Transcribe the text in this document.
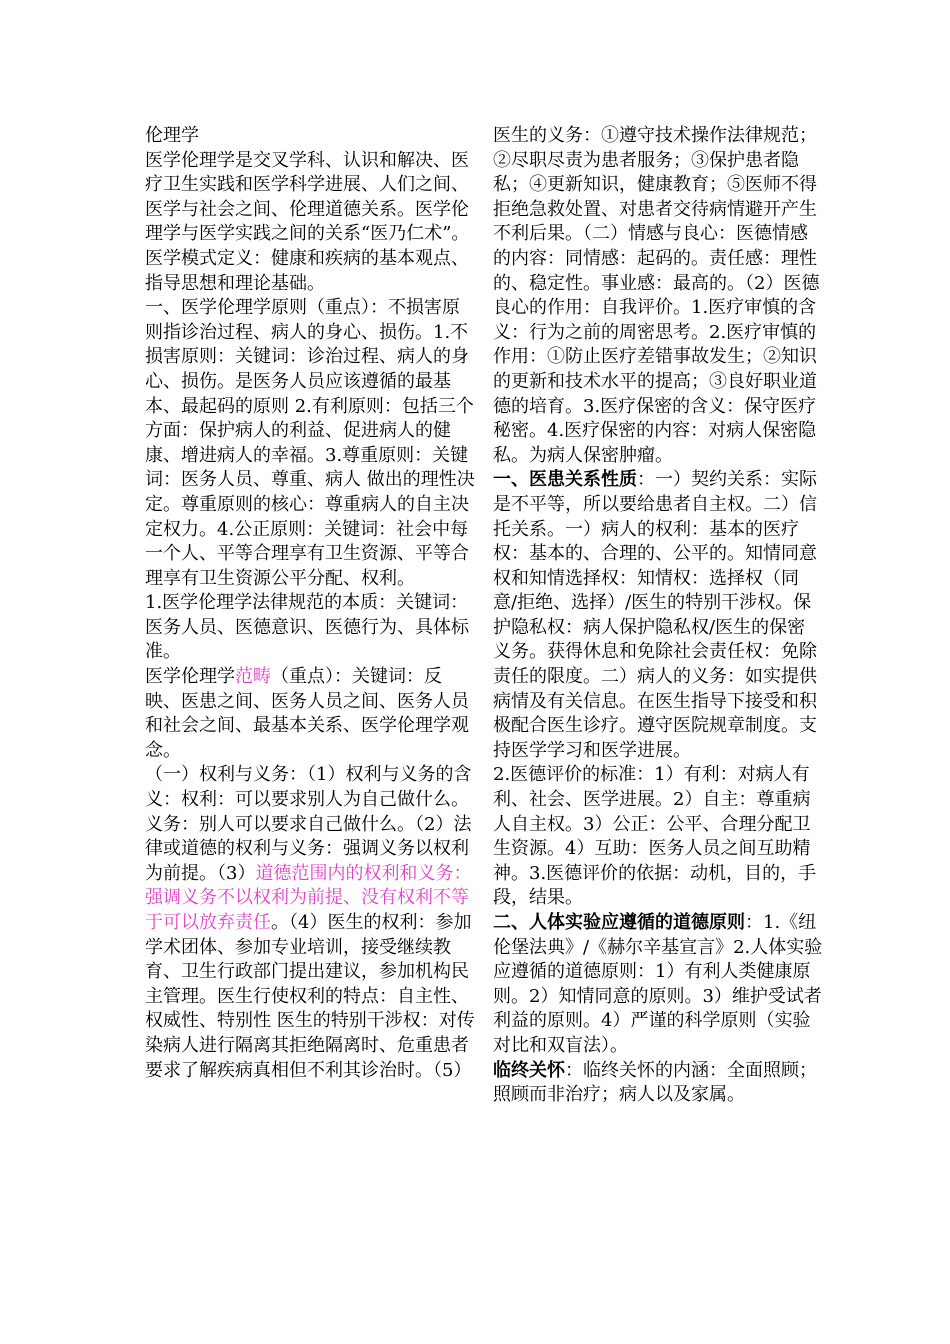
伦理学

医学伦理学是交叉学科、认识和解决、医疗卫生实践和医学科学进展、人们之间、医学与社会之间、伦理道德关系。医学伦理学与医学实践之间的关系“医乃仁术”。医学模式定义：健康和疾病的基本观点、指导思想和理论基础。

一、医学伦理学原则（重点）：不损害原则指诊治过程、病人的身心、损伤。1.不损害原则：关键词：诊治过程、病人的身心、损伤。是医务人员应该遵循的最基本、最起码的原则 2.有利原则：包括三个方面：保护病人的利益、促进病人的健康、增进病人的幸福。3.尊重原则：关键词：医务人员、尊重、病人 做出的理性决定。尊重原则的核心：尊重病人的自主决定权力。4.公正原则：关键词：社会中每一个人、平等合理享有卫生资源、平等合理享有卫生资源公平分配、权利。

1.医学伦理学法律规范的本质：关键词：医务人员、医德意识、医德行为、具体标准。

医学伦理学范畴（重点）：关键词：反映、医患之间、医务人员之间、医务人员和社会之间、最基本关系、医学伦理学观念。

（一）权利与义务：（1）权利与义务的含义：权利：可以要求别人为自己做什么。义务：别人可以要求自己做什么。（2）法律或道德的权利与义务：强调义务以权利为前提。（3）道德范围内的权利和义务：强调义务不以权利为前提、没有权利不等于可以放弃责任。（4）医生的权利：参加学术团体、参加专业培训，接受继续教育、卫生行政部门提出建议，参加机构民主管理。医生行使权利的特点：自主性、权威性、特别性 医生的特别干涉权：对传染病人进行隔离其拒绝隔离时、危重患者要求了解疾病真相但不利其诊治时。（5）

医生的义务：①遵守技术操作法律规范；②尽职尽责为患者服务；③保护患者隐私；④更新知识，健康教育；⑤医师不得拒绝急救处置、对患者交待病情避开产生不利后果。（二）情感与良心：医德情感的内容：同情感：起码的。责任感：理性的、稳定性。事业感：最高的。（2）医德良心的作用：自我评价。1.医疗审慎的含义：行为之前的周密思考。2.医疗审慎的作用：①防止医疗差错事故发生；②知识的更新和技术水平的提高；③良好职业道德的培育。3.医疗保密的含义：保守医疗秘密。4.医疗保密的内容：对病人保密隐私。为病人保密肿瘤。

一、医患关系性质：一）契约关系：实际是不平等，所以要给患者自主权。二）信托关系。一）病人的权利：基本的医疗权：基本的、合理的、公平的。知情同意权和知情选择权：知情权：选择权（同意/拒绝、选择）/医生的特别干涉权。保护隐私权：病人保护隐私权/医生的保密义务。获得休息和免除社会责任权：免除责任的限度。二）病人的义务：如实提供病情及有关信息。在医生指导下接受和积极配合医生诊疗。遵守医院规章制度。支持医学学习和医学进展。

2.医德评价的标准：1）有利：对病人有利、社会、医学进展。2）自主：尊重病人自主权。3）公正：公平、合理分配卫生资源。4）互助：医务人员之间互助精神。3.医德评价的依据：动机，目的，手段，结果。

二、人体实验应遵循的道德原则：1.《纽伦堡法典》/《赫尔辛基宣言》2.人体实验应遵循的道德原则：1）有利人类健康原则。2）知情同意的原则。3）维护受试者利益的原则。4）严谨的科学原则（实验对比和双盲法）。

临终关怀：临终关怀的内涵：全面照顾；照顾而非治疗；病人以及家属。
